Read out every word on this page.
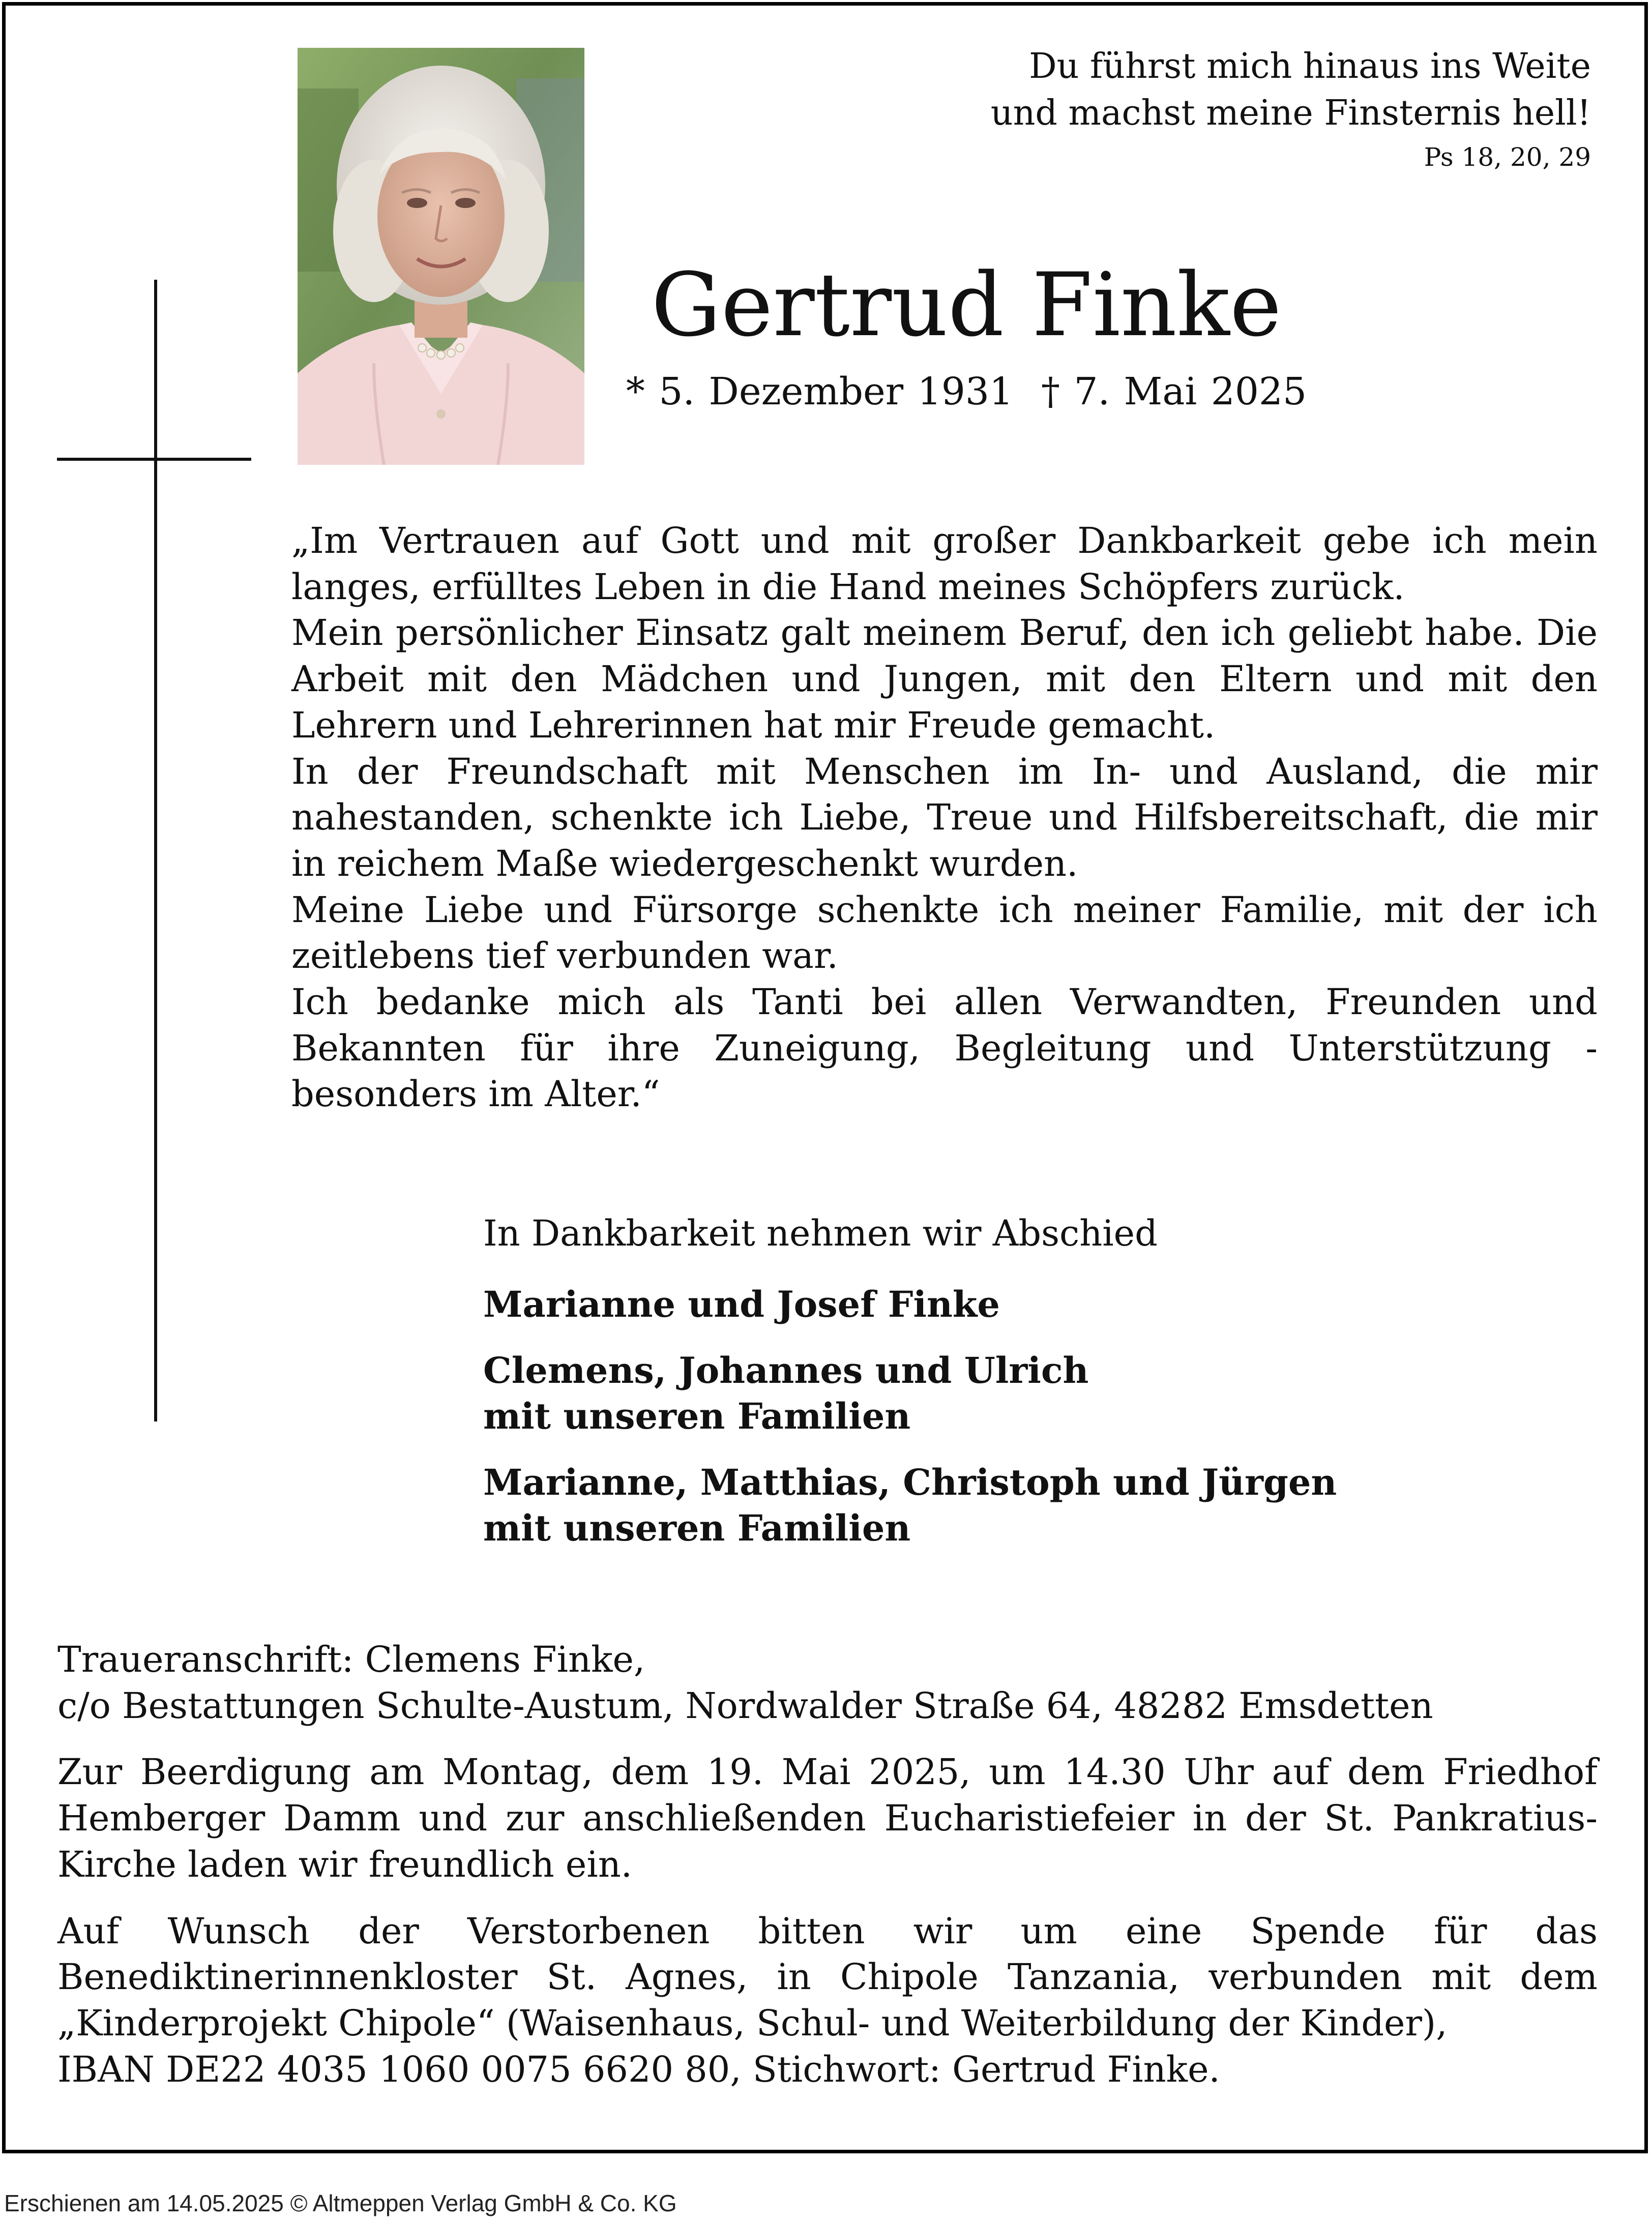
Du führst mich hinaus ins Weite
und machst meine Finsternis hell!
Ps 18, 20, 29
Gertrud Finke
* 5. Dezember 1931 † 7. Mai 2025

„Im Vertrauen auf Gott und mit großer Dankbarkeit gebe ich mein langes, erfülltes Leben in die Hand meines Schöpfers zurück.

Mein persönlicher Einsatz galt meinem Beruf, den ich geliebt habe. Die Arbeit mit den Mädchen und Jungen, mit den Eltern und mit den Lehrern und Lehrerinnen hat mir Freude gemacht.

In der Freundschaft mit Menschen im In- und Ausland, die mir nahestanden, schenkte ich Liebe, Treue und Hilfsbereitschaft, die mir in reichem Maße wiedergeschenkt wurden.

Meine Liebe und Fürsorge schenkte ich meiner Familie, mit der ich zeitlebens tief verbunden war.

Ich bedanke mich als Tanti bei allen Verwandten, Freunden und Bekannten für ihre Zuneigung, Begleitung und Unterstützung - besonders im Alter.“

In Dankbarkeit nehmen wir Abschied
Marianne und Josef Finke
Clemens, Johannes und Ulrich
mit unseren Familien
Marianne, Matthias, Christoph und Jürgen
mit unseren Familien

Traueranschrift: Clemens Finke,
c/o Bestattungen Schulte-Austum, Nordwalder Straße 64, 48282 Emsdetten

Zur Beerdigung am Montag, dem 19. Mai 2025, um 14.30 Uhr auf dem Friedhof Hemberger Damm und zur anschließenden Eucharistiefeier in der St. Pankratius-Kirche laden wir freundlich ein.

Auf Wunsch der Verstorbenen bitten wir um eine Spende für das
Benediktinerinnenkloster St. Agnes, in Chipole Tanzania, verbunden mit dem
„Kinderprojekt Chipole“ (Waisenhaus, Schul- und Weiterbildung der Kinder),
IBAN DE22 4035 1060 0075 6620 80, Stichwort: Gertrud Finke.

Erschienen am 14.05.2025 © Altmeppen Verlag GmbH & Co. KG
